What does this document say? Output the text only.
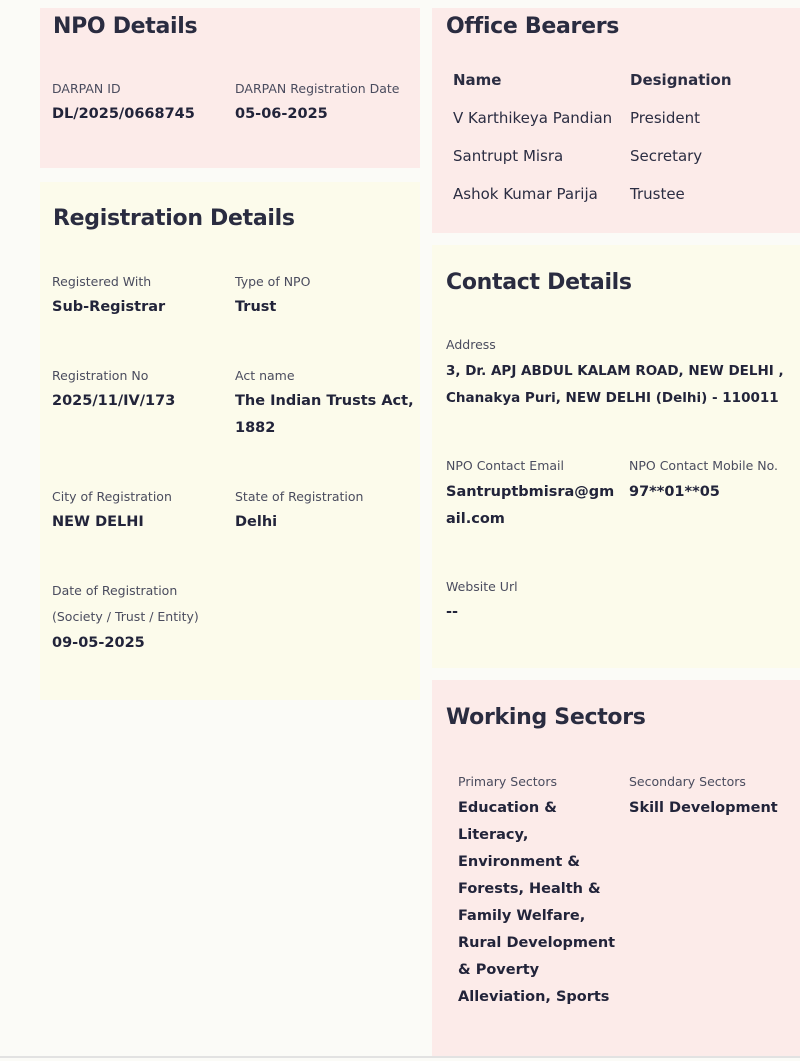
NPO Details
DARPAN ID
DL/2025/0668745
DARPAN Registration Date
05-06-2025
Office Bearers
Name	Designation
V Karthikeya Pandian President
Santrupt Misra	Secretary
Ashok Kumar Parija Trustee
Registration Details
Registered With
Sub-Registrar
Type of NPO
Trust
Registration No
2025/11/IV/173
Act name
The Indian Trusts Act,
1882
City of Registration
NEW DELHI
State of Registration
Delhi
Date of Registration
(Society / Trust / Entity)
09-05-2025
Contact Details
Address
3, Dr. APJ ABDUL KALAM ROAD, NEW DELHI ,
Chanakya Puri, NEW DELHI (Delhi) - 110011
NPO Contact Email
Santruptbmisra@gm
ail.com
NPO Contact Mobile No.
97**01**05
Website Url
--
Working Sectors
Primary Sectors
Education &
Literacy,
Environment &
Forests, Health &
Family Welfare,
Rural Development
& Poverty
Alleviation, Sports
Secondary Sectors
Skill Development
